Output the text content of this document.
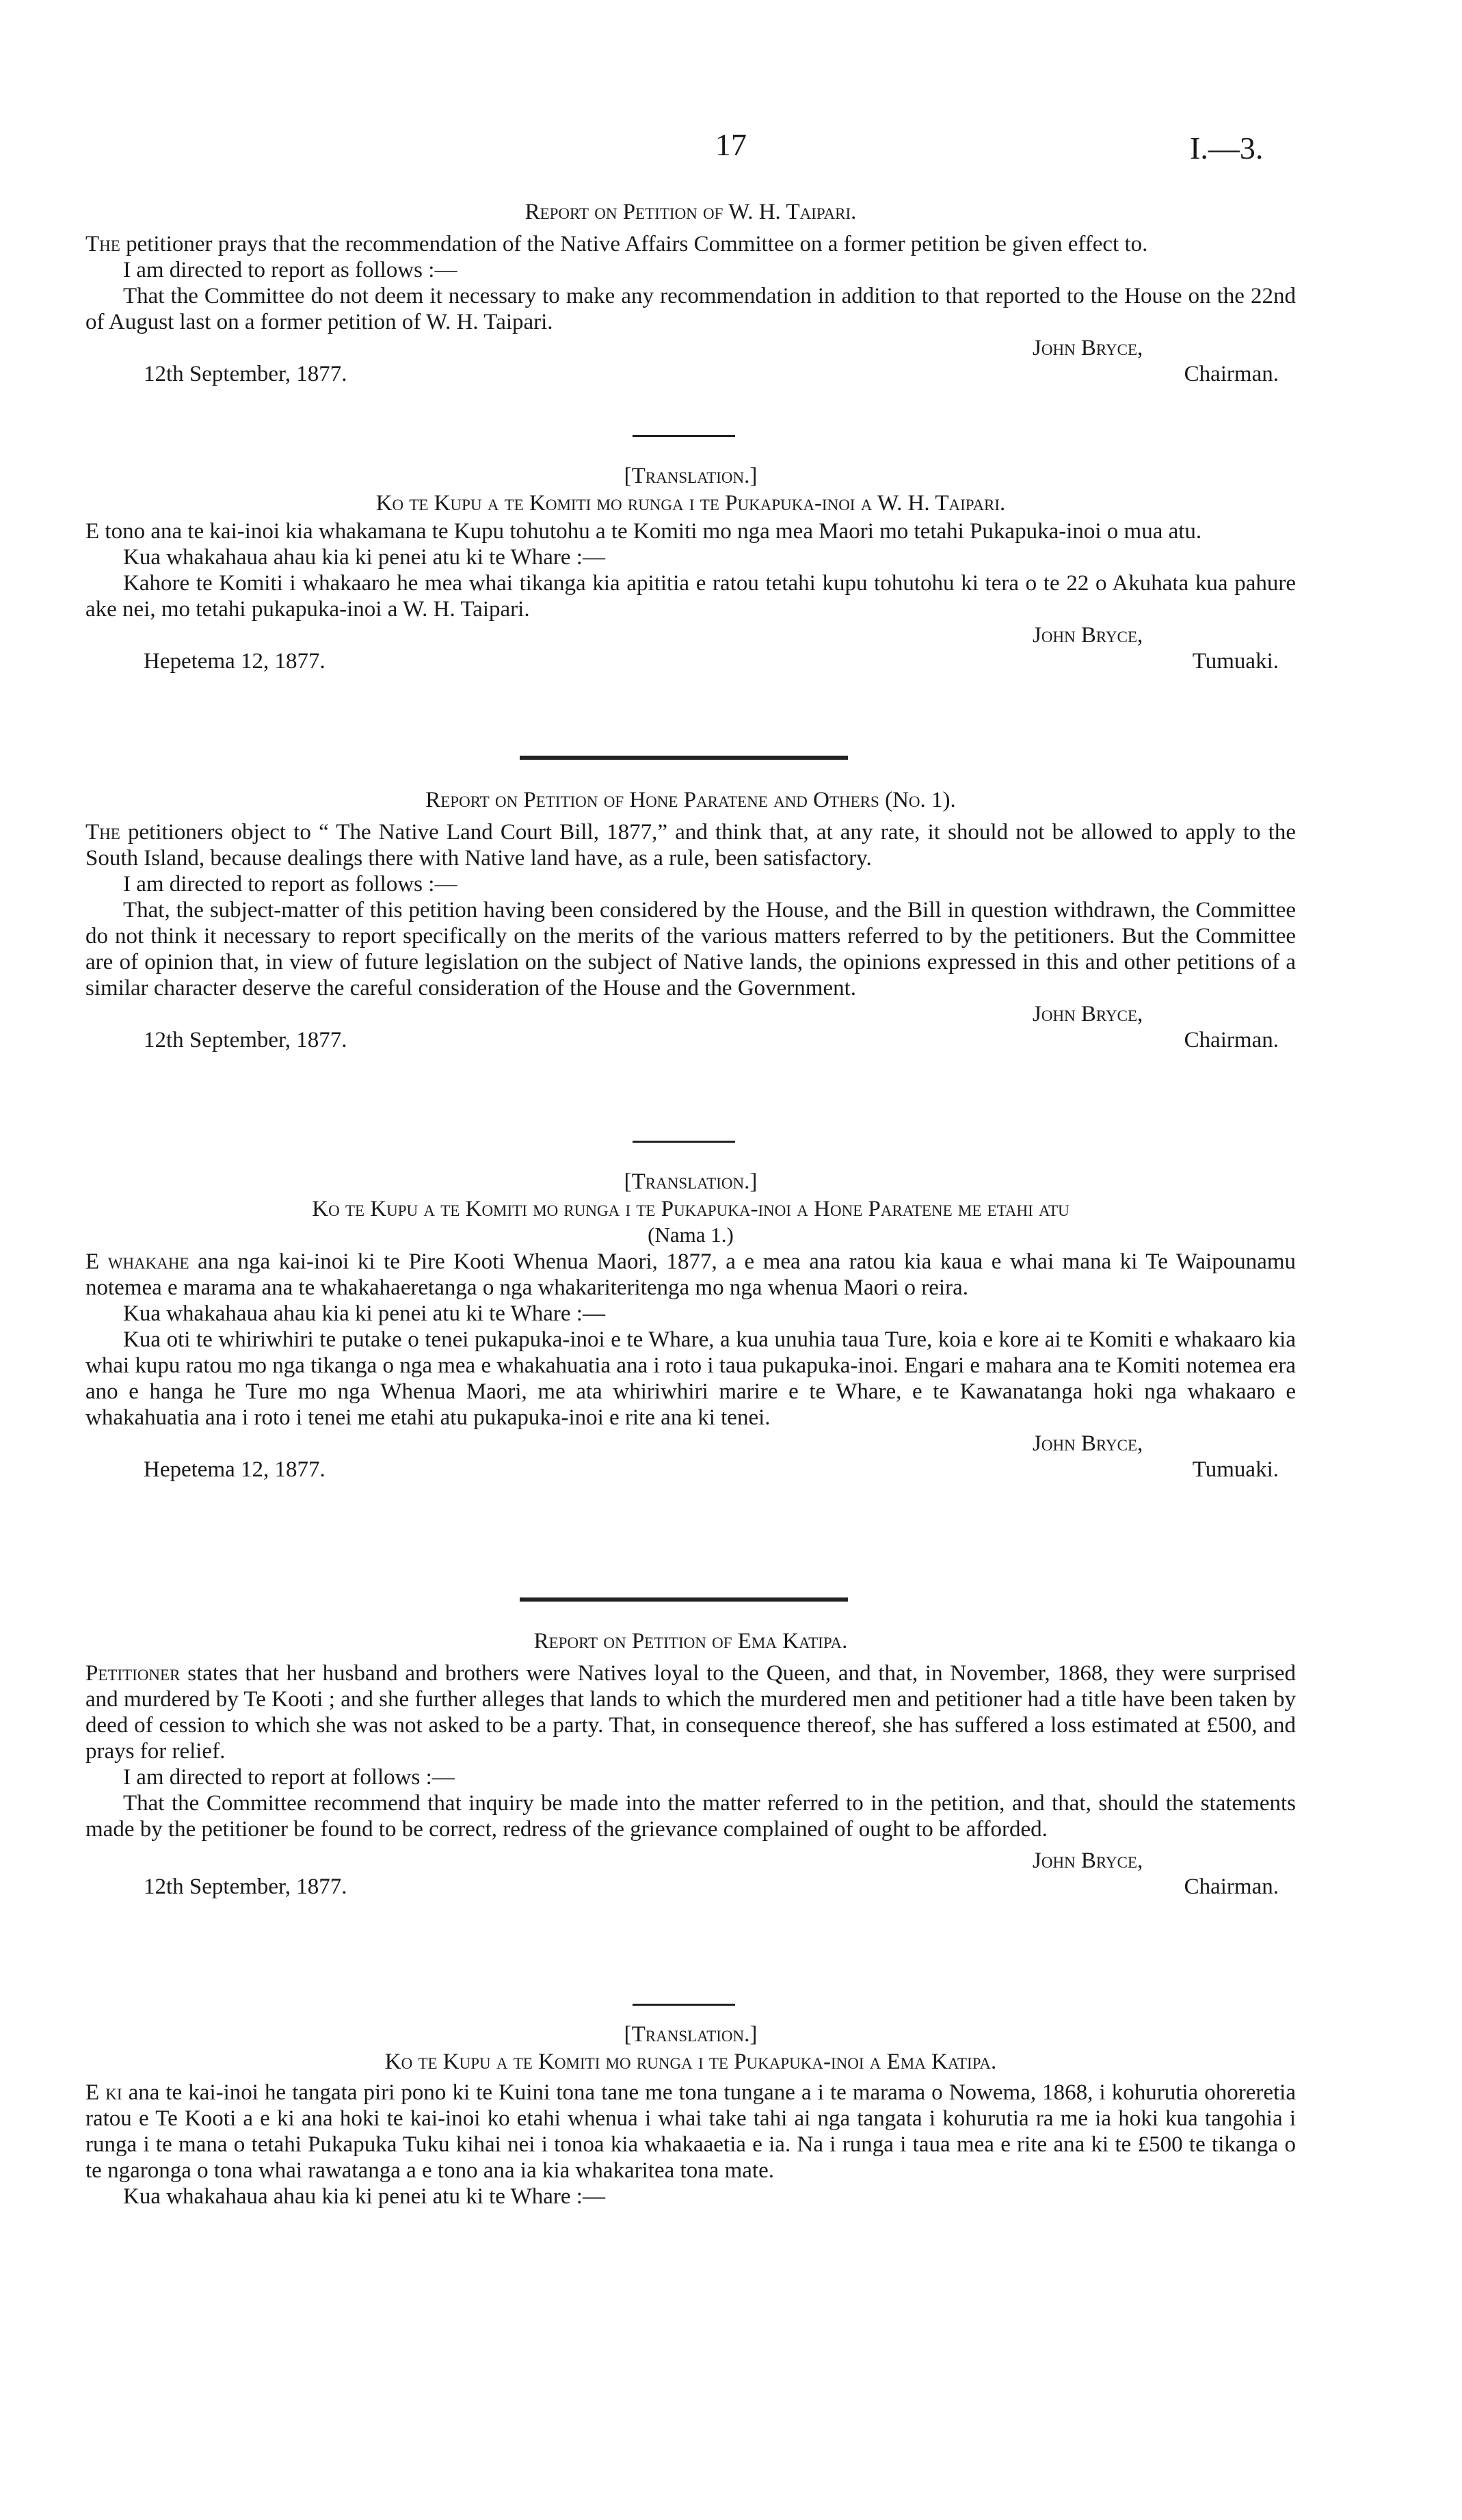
17	I.—3.
Report on Petition of W. H. Taipari.

The petitioner prays that the recommendation of the Native Affairs Committee on a former petition be given effect to.

I am directed to report as follows :—

That the Committee do not deem it necessary to make any recommendation in addition to that reported to the House on the 22nd of August last on a former petition of W. H. Taipari.

John Bryce,
12th September, 1877.	Chairman.
[Translation.]
Ko te Kupu a te Komiti mo runga i te Pukapuka-inoi a W. H. Taipari.

E tono ana te kai-inoi kia whakamana te Kupu tohutohu a te Komiti mo nga mea Maori mo tetahi Pukapuka-inoi o mua atu.

Kua whakahaua ahau kia ki penei atu ki te Whare :—

Kahore te Komiti i whakaaro he mea whai tikanga kia apititia e ratou tetahi kupu tohutohu ki tera o te 22 o Akuhata kua pahure ake nei, mo tetahi pukapuka-inoi a W. H. Taipari.

John Bryce,
Hepetema 12, 1877.	Tumuaki.
Report on Petition of Hone Paratene and Others (No. 1).

The petitioners object to “ The Native Land Court Bill, 1877,” and think that, at any rate, it should not be allowed to apply to the South Island, because dealings there with Native land have, as a rule, been satisfactory.

I am directed to report as follows :—

That, the subject-matter of this petition having been considered by the House, and the Bill in question withdrawn, the Committee do not think it necessary to report specifically on the merits of the various matters referred to by the petitioners. But the Committee are of opinion that, in view of future legislation on the subject of Native lands, the opinions expressed in this and other petitions of a similar character deserve the careful consideration of the House and the Government.

John Bryce,
12th September, 1877.	Chairman.
[Translation.]
Ko te Kupu a te Komiti mo runga i te Pukapuka-inoi a Hone Paratene me etahi atu
(Nama 1.)

E whakahe ana nga kai-inoi ki te Pire Kooti Whenua Maori, 1877, a e mea ana ratou kia kaua e whai mana ki Te Waipounamu notemea e marama ana te whakahaeretanga o nga whakariteritenga mo nga whenua Maori o reira.

Kua whakahaua ahau kia ki penei atu ki te Whare :—

Kua oti te whiriwhiri te putake o tenei pukapuka-inoi e te Whare, a kua unuhia taua Ture, koia e kore ai te Komiti e whakaaro kia whai kupu ratou mo nga tikanga o nga mea e whakahuatia ana i roto i taua pukapuka-inoi. Engari e mahara ana te Komiti notemea era ano e hanga he Ture mo nga Whenua Maori, me ata whiriwhiri marire e te Whare, e te Kawanatanga hoki nga whakaaro e whakahuatia ana i roto i tenei me etahi atu pukapuka-inoi e rite ana ki tenei.

John Bryce,
Hepetema 12, 1877.	Tumuaki.
Report on Petition of Ema Katipa.

Petitioner states that her husband and brothers were Natives loyal to the Queen, and that, in November, 1868, they were surprised and murdered by Te Kooti ; and she further alleges that lands to which the murdered men and petitioner had a title have been taken by deed of cession to which she was not asked to be a party. That, in consequence thereof, she has suffered a loss estimated at £500, and prays for relief.

I am directed to report at follows :—

That the Committee recommend that inquiry be made into the matter referred to in the petition, and that, should the statements made by the petitioner be found to be correct, redress of the grievance complained of ought to be afforded.

John Bryce,
12th September, 1877.	Chairman.
[Translation.]
Ko te Kupu a te Komiti mo runga i te Pukapuka-inoi a Ema Katipa.

E ki ana te kai-inoi he tangata piri pono ki te Kuini tona tane me tona tungane a i te marama o Nowema, 1868, i kohurutia ohoreretia ratou e Te Kooti a e ki ana hoki te kai-inoi ko etahi whenua i whai take tahi ai nga tangata i kohurutia ra me ia hoki kua tangohia i runga i te mana o tetahi Pukapuka Tuku kihai nei i tonoa kia whakaaetia e ia. Na i runga i taua mea e rite ana ki te £500 te tikanga o te ngaronga o tona whai rawatanga a e tono ana ia kia whakaritea tona mate.

Kua whakahaua ahau kia ki penei atu ki te Whare :—
